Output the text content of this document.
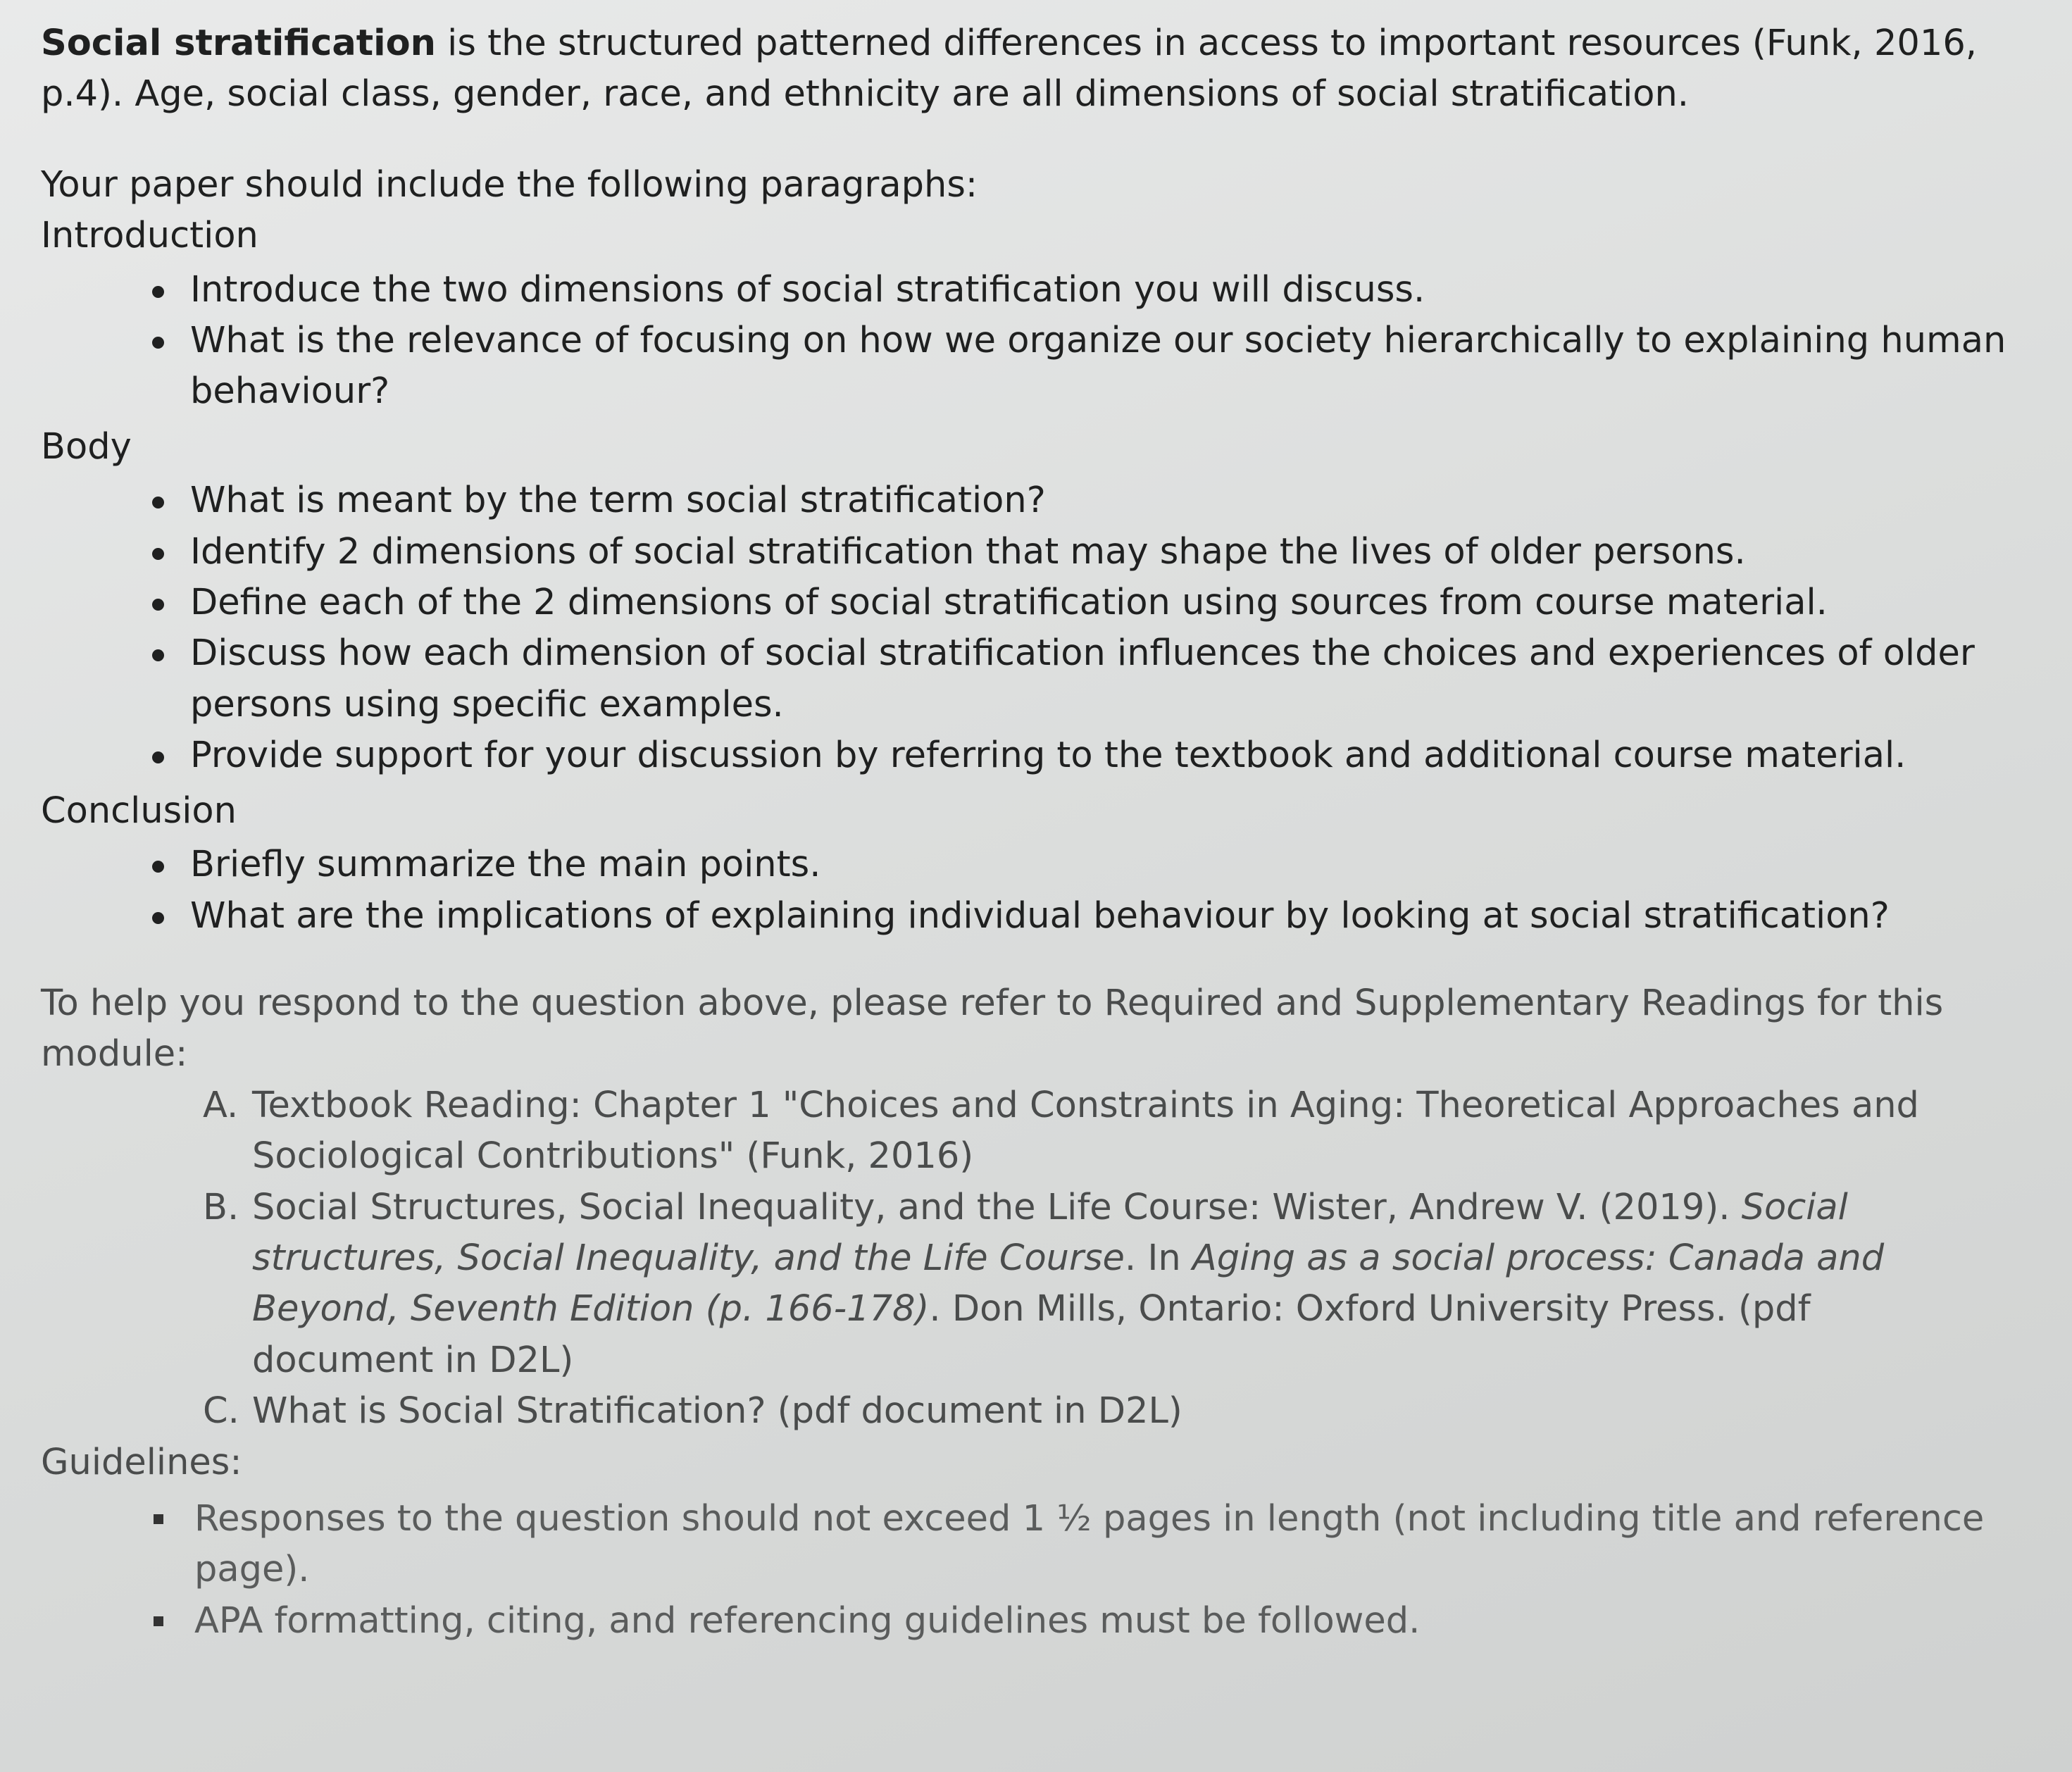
Social stratification is the structured patterned differences in access to important resources (Funk, 2016, p.4). Age, social class, gender, race, and ethnicity are all dimensions of social stratification.

Your paper should include the following paragraphs:

Introduction

Introduce the two dimensions of social stratification you will discuss.
What is the relevance of focusing on how we organize our society hierarchically to explaining human behaviour?

Body

What is meant by the term social stratification?
Identify 2 dimensions of social stratification that may shape the lives of older persons.
Define each of the 2 dimensions of social stratification using sources from course material.
Discuss how each dimension of social stratification influences the choices and experiences of older persons using specific examples.
Provide support for your discussion by referring to the textbook and additional course material.

Conclusion

Briefly summarize the main points.
What are the implications of explaining individual behaviour by looking at social stratification?

To help you respond to the question above, please refer to Required and Supplementary Readings for this module:

A. Textbook Reading: Chapter 1 "Choices and Constraints in Aging: Theoretical Approaches and Sociological Contributions" (Funk, 2016)
B. Social Structures, Social Inequality, and the Life Course: Wister, Andrew V. (2019). Social structures, Social Inequality, and the Life Course. In Aging as a social process: Canada and Beyond, Seventh Edition (p. 166-178). Don Mills, Ontario: Oxford University Press. (pdf document in D2L)
C. What is Social Stratification? (pdf document in D2L)

Guidelines:

Responses to the question should not exceed 1 ½ pages in length (not including title and reference page).
APA formatting, citing, and referencing guidelines must be followed.
